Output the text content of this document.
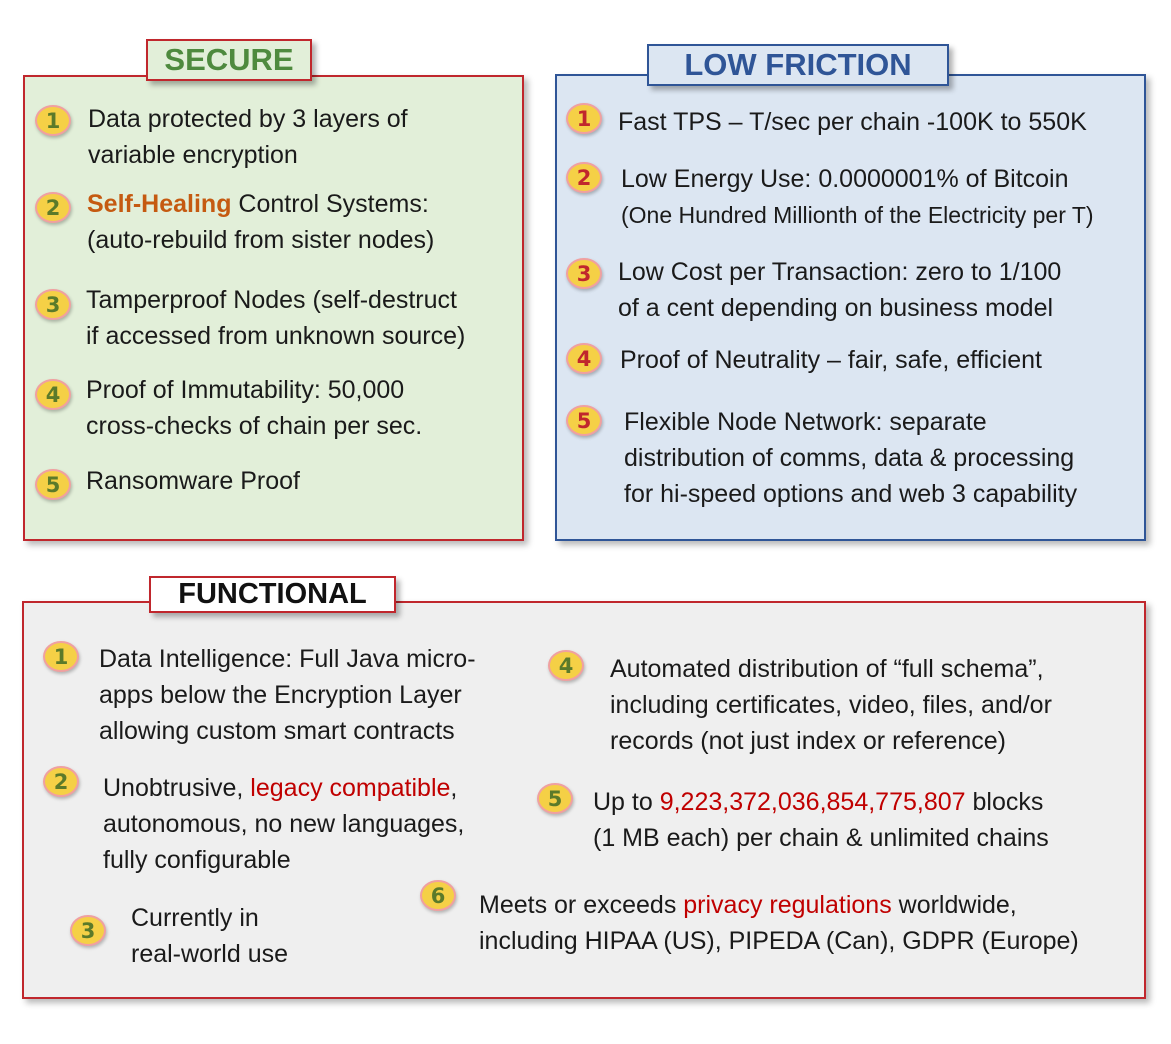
SECURE	LOW FRICTION
FUNCTIONAL
1	Data protected by 3 layers of
variable encryption
2	Self-Healing Control Systems:
(auto-rebuild from sister nodes)
3	Tamperproof Nodes (self-destruct
if accessed from unknown source)
4	Proof of Immutability: 50,000
cross-checks of chain per sec.
5	Ransomware Proof
1	Fast TPS – T/sec per chain -100K to 550K
2	Low Energy Use: 0.0000001% of Bitcoin
(One Hundred Millionth of the Electricity per T)
3	Low Cost per Transaction: zero to 1/100
of a cent depending on business model
4	Proof of Neutrality – fair, safe, efficient
5	Flexible Node Network: separate
distribution of comms, data & processing
for hi-speed options and web 3 capability
1	Data Intelligence: Full Java micro-
apps below the Encryption Layer
allowing custom smart contracts
2	Unobtrusive, legacy compatible,
autonomous, no new languages,
fully configurable
3	Currently in
real-world use
4	Automated distribution of “full schema”,
including certificates, video, files, and/or
records (not just index or reference)
5	Up to 9,223,372,036,854,775,807 blocks
(1 MB each) per chain & unlimited chains
6	Meets or exceeds privacy regulations worldwide,
including HIPAA (US), PIPEDA (Can), GDPR (Europe)
